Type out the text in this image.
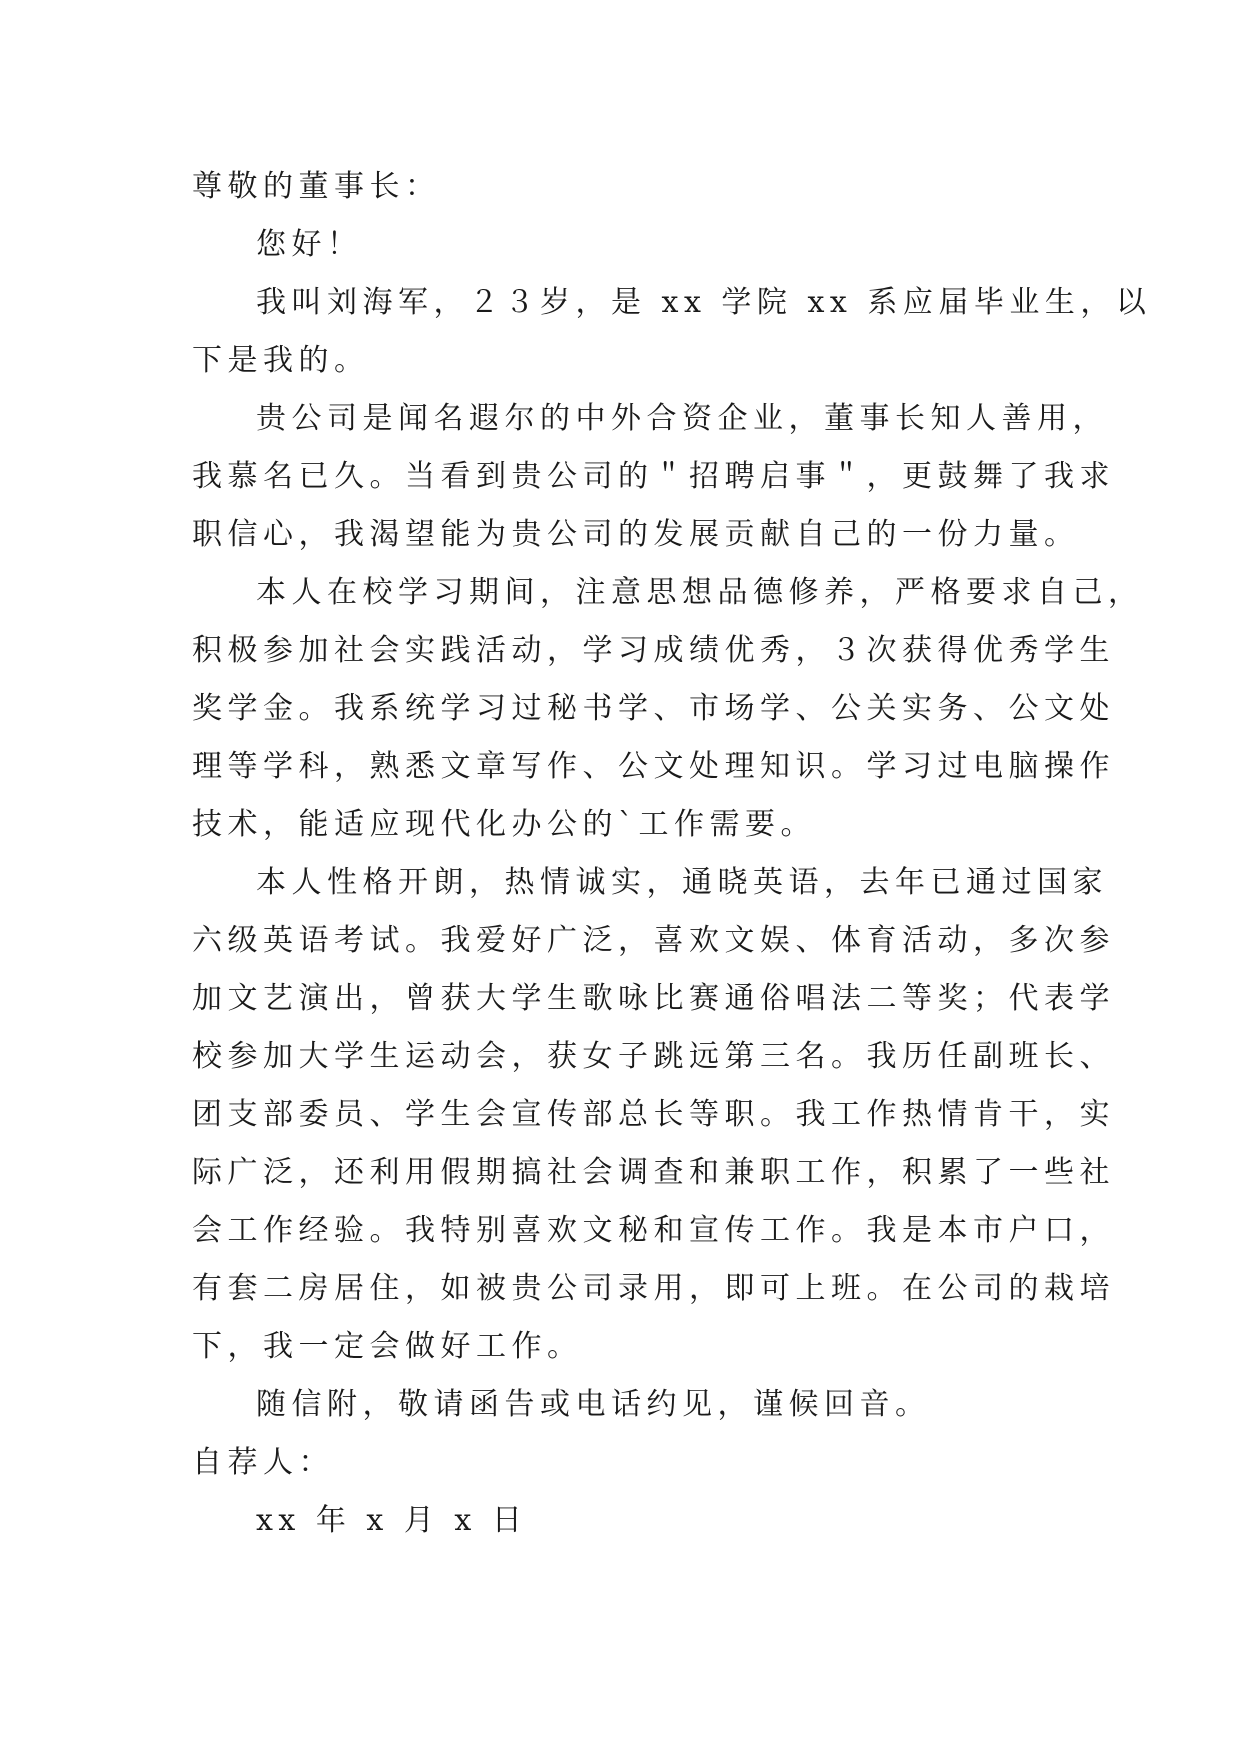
尊敬的董事长：
您好！
我叫刘海军，２３岁，是 xx 学院 xx 系应届毕业生，以
下是我的。
贵公司是闻名遐尔的中外合资企业，董事长知人善用，
我慕名已久。当看到贵公司的＂招聘启事＂，更鼓舞了我求
职信心，我渴望能为贵公司的发展贡献自己的一份力量。
本人在校学习期间，注意思想品德修养，严格要求自己，
积极参加社会实践活动，学习成绩优秀，３次获得优秀学生
奖学金。我系统学习过秘书学、市场学、公关实务、公文处
理等学科，熟悉文章写作、公文处理知识。学习过电脑操作
技术，能适应现代化办公的`工作需要。
本人性格开朗，热情诚实，通晓英语，去年已通过国家
六级英语考试。我爱好广泛，喜欢文娱、体育活动，多次参
加文艺演出，曾获大学生歌咏比赛通俗唱法二等奖；代表学
校参加大学生运动会，获女子跳远第三名。我历任副班长、
团支部委员、学生会宣传部总长等职。我工作热情肯干，实
际广泛，还利用假期搞社会调查和兼职工作，积累了一些社
会工作经验。我特别喜欢文秘和宣传工作。我是本市户口，
有套二房居住，如被贵公司录用，即可上班。在公司的栽培
下，我一定会做好工作。
随信附，敬请函告或电话约见，谨候回音。
自荐人：
xx 年 x 月 x 日
